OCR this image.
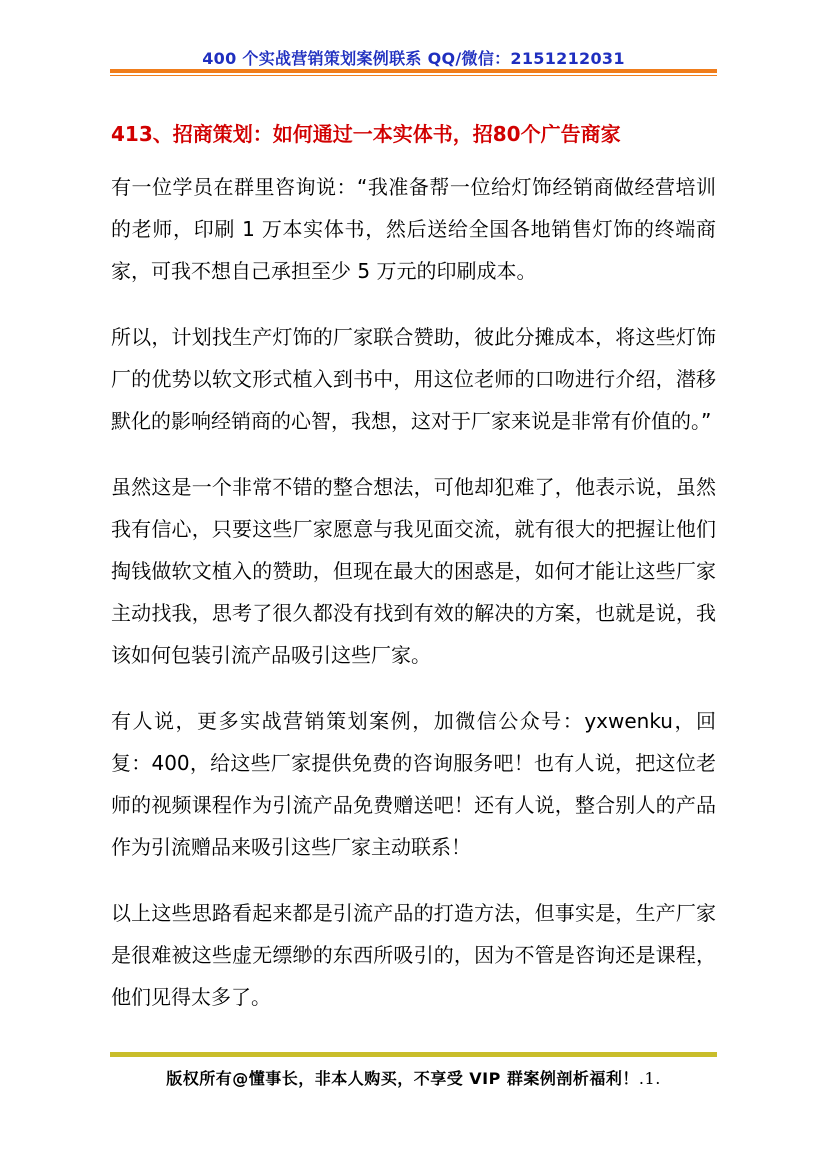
400 个实战营销策划案例联系 QQ/微信：2151212031
413、招商策划：如何通过一本实体书，招80个广告商家

有一位学员在群里咨询说：“我准备帮一位给灯饰经销商做经营培训的老师，印刷 1 万本实体书，然后送给全国各地销售灯饰的终端商家，可我不想自己承担至少 5 万元的印刷成本。

所以，计划找生产灯饰的厂家联合赞助，彼此分摊成本，将这些灯饰厂的优势以软文形式植入到书中，用这位老师的口吻进行介绍，潜移默化的影响经销商的心智，我想，这对于厂家来说是非常有价值的。”

虽然这是一个非常不错的整合想法，可他却犯难了，他表示说，虽然我有信心，只要这些厂家愿意与我见面交流，就有很大的把握让他们掏钱做软文植入的赞助，但现在最大的困惑是，如何才能让这些厂家主动找我，思考了很久都没有找到有效的解决的方案，也就是说，我该如何包装引流产品吸引这些厂家。

有人说，更多实战营销策划案例，加微信公众号：yxwenku，回复：400，给这些厂家提供免费的咨询服务吧！也有人说，把这位老师的视频课程作为引流产品免费赠送吧！还有人说，整合别人的产品作为引流赠品来吸引这些厂家主动联系！

以上这些思路看起来都是引流产品的打造方法，但事实是，生产厂家是很难被这些虚无缥缈的东西所吸引的，因为不管是咨询还是课程，他们见得太多了。

版权所有@懂事长，非本人购买，不享受 VIP 群案例剖析福利！.1.
